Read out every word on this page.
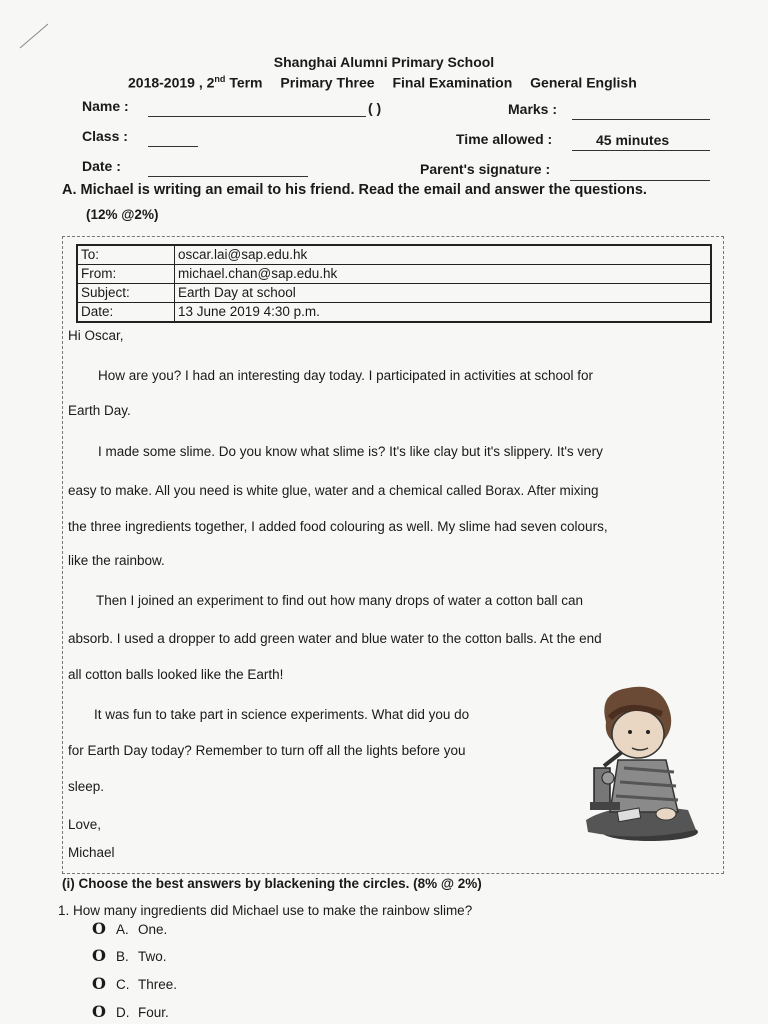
Shanghai Alumni Primary School
2018-2019 , 2nd Term Primary Three Final Examination General English
Name :	( )	Marks :
Class :	Time allowed :	45 minutes
Date :	Parent's signature :
A. Michael is writing an email to his friend. Read the email and answer the questions.
(12% @2%)
To:	oscar.lai@sap.edu.hk
From:	michael.chan@sap.edu.hk
Subject:	Earth Day at school
Date:	13 June 2019 4:30 p.m.
Hi Oscar,
How are you? I had an interesting day today. I participated in activities at school for
Earth Day.
I made some slime. Do you know what slime is? It's like clay but it's slippery. It's very
easy to make. All you need is white glue, water and a chemical called Borax. After mixing
the three ingredients together, I added food colouring as well. My slime had seven colours,
like the rainbow.
Then I joined an experiment to find out how many drops of water a cotton ball can
absorb. I used a dropper to add green water and blue water to the cotton balls. At the end
all cotton balls looked like the Earth!
It was fun to take part in science experiments. What did you do
for Earth Day today? Remember to turn off all the lights before you
sleep.
Love,
Michael
(i) Choose the best answers by blackening the circles. (8% @ 2%)
1. How many ingredients did Michael use to make the rainbow slime?
O A. One.
O B. Two.
O C. Three.
O D. Four.
